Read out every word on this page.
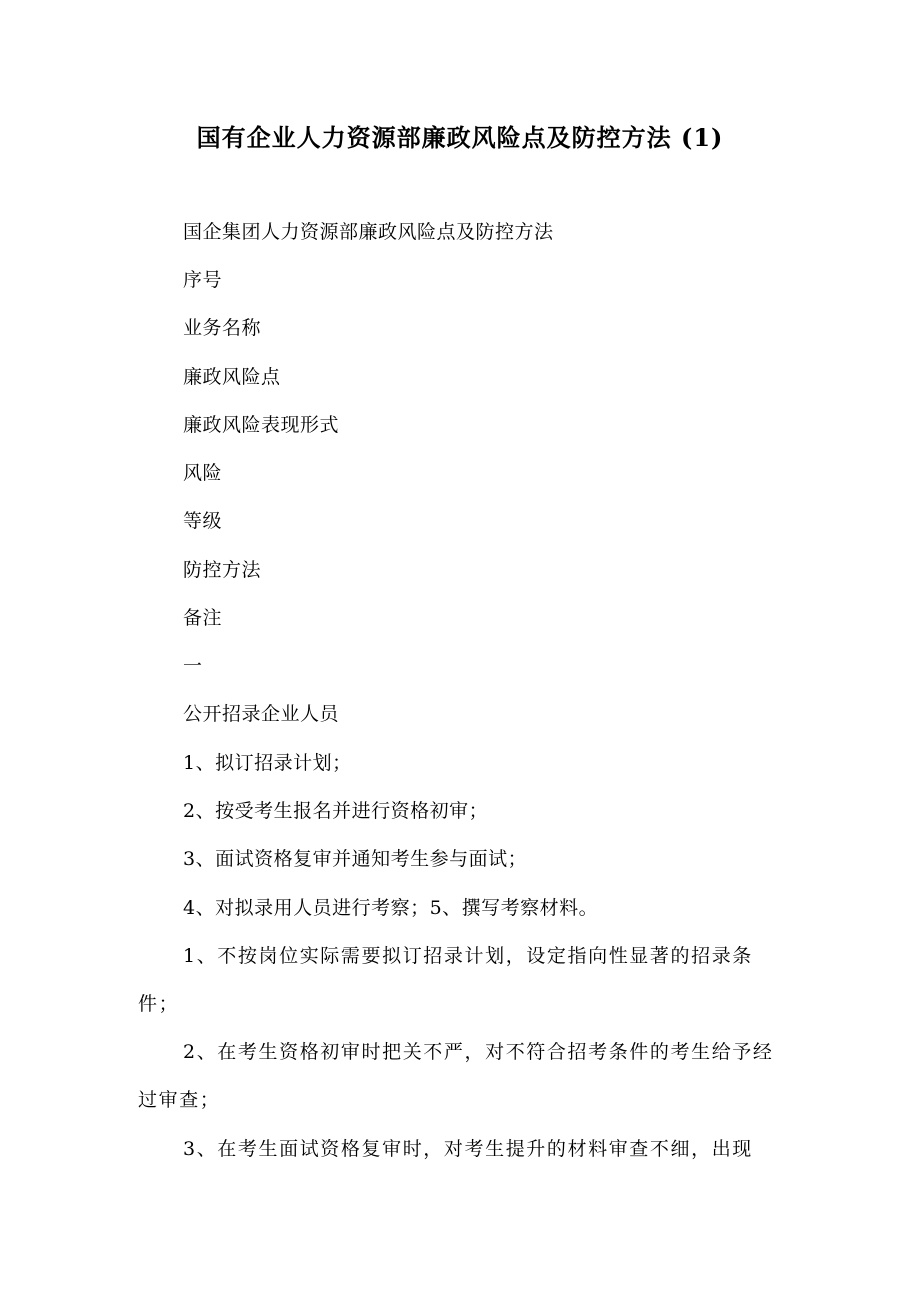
国有企业人力资源部廉政风险点及防控方法 (1)

国企集团人力资源部廉政风险点及防控方法

序号

业务名称

廉政风险点

廉政风险表现形式

风险

等级

防控方法

备注

一

公开招录企业人员

1、拟订招录计划；

2、按受考生报名并进行资格初审；

3、面试资格复审并通知考生参与面试；

4、对拟录用人员进行考察；5、撰写考察材料。

1、不按岗位实际需要拟订招录计划，设定指向性显著的招录条件；

2、在考生资格初审时把关不严，对不符合招考条件的考生给予经过审查；

3、在考生面试资格复审时，对考生提升的材料审查不细，出现
